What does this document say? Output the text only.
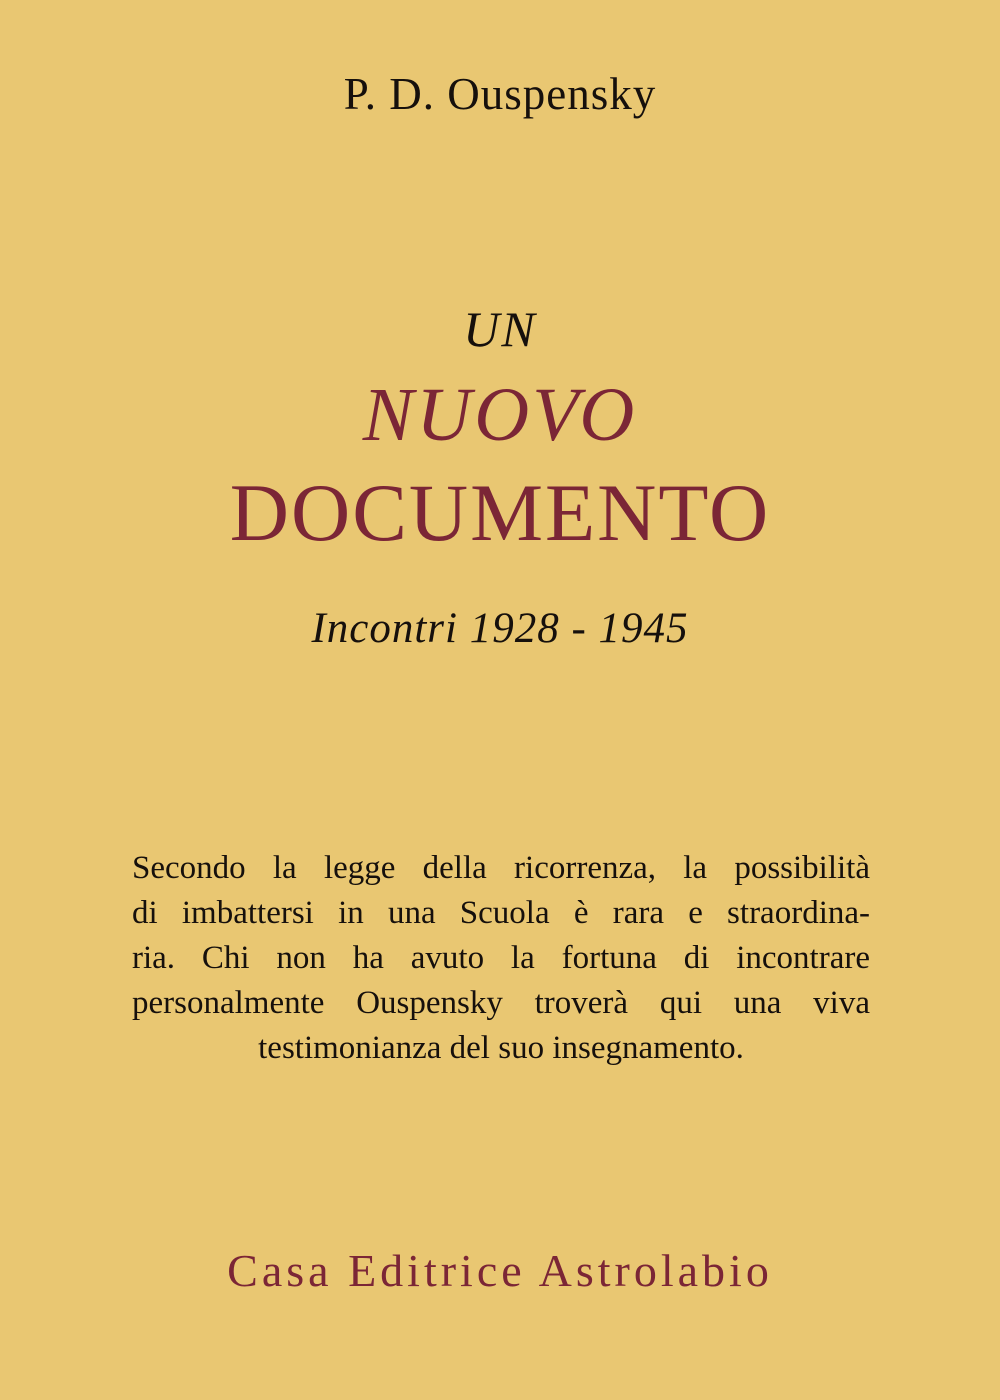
P. D. Ouspensky
UN
NUOVO
DOCUMENTO
Incontri 1928 - 1945
Secondo la legge della ricorrenza, la possibilità
di imbattersi in una Scuola è rara e straordina-
ria. Chi non ha avuto la fortuna di incontrare
personalmente Ouspensky troverà qui una viva
testimonianza del suo insegnamento.
Casa Editrice Astrolabio
